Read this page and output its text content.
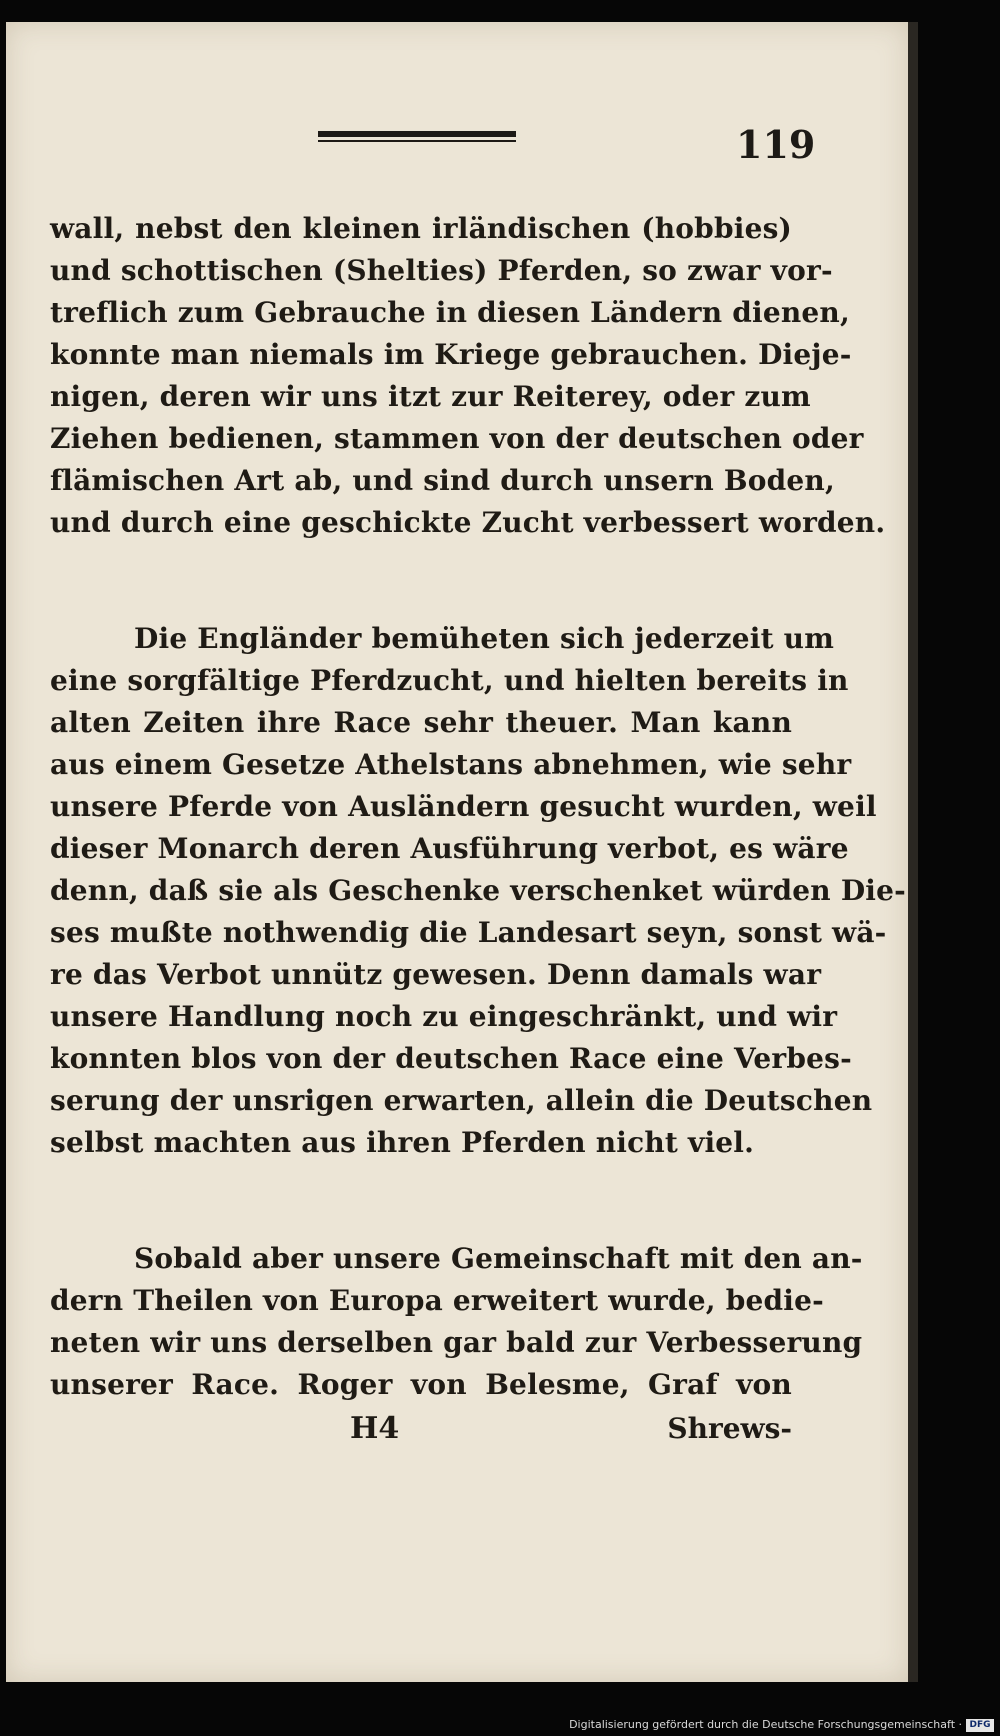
119
wall, nebst den kleinen irländischen (hobbies)
und schottischen (Shelties) Pferden, so zwar vor-
treflich zum Gebrauche in diesen Ländern dienen,
konnte man niemals im Kriege gebrauchen. Dieje-
nigen, deren wir uns itzt zur Reiterey, oder zum
Ziehen bedienen, stammen von der deutschen oder
flämischen Art ab, und sind durch unsern Boden,
und durch eine geschickte Zucht verbessert worden.
Die Engländer bemüheten sich jederzeit um
eine sorgfältige Pferdzucht, und hielten bereits in
alten Zeiten ihre Race sehr theuer. Man kann
aus einem Gesetze Athelstans abnehmen, wie sehr
unsere Pferde von Ausländern gesucht wurden, weil
dieser Monarch deren Ausführung verbot, es wäre
denn, daß sie als Geschenke verschenket würden Die-
ses mußte nothwendig die Landesart seyn, sonst wä-
re das Verbot unnütz gewesen. Denn damals war
unsere Handlung noch zu eingeschränkt, und wir
konnten blos von der deutschen Race eine Verbes-
serung der unsrigen erwarten, allein die Deutschen
selbst machten aus ihren Pferden nicht viel.
Sobald aber unsere Gemeinschaft mit den an-
dern Theilen von Europa erweitert wurde, bedie-
neten wir uns derselben gar bald zur Verbesserung
unserer Race. Roger von Belesme, Graf von
H4	Shrews-
Digitalisierung gefördert durch die Deutsche Forschungsgemeinschaft · DFG
